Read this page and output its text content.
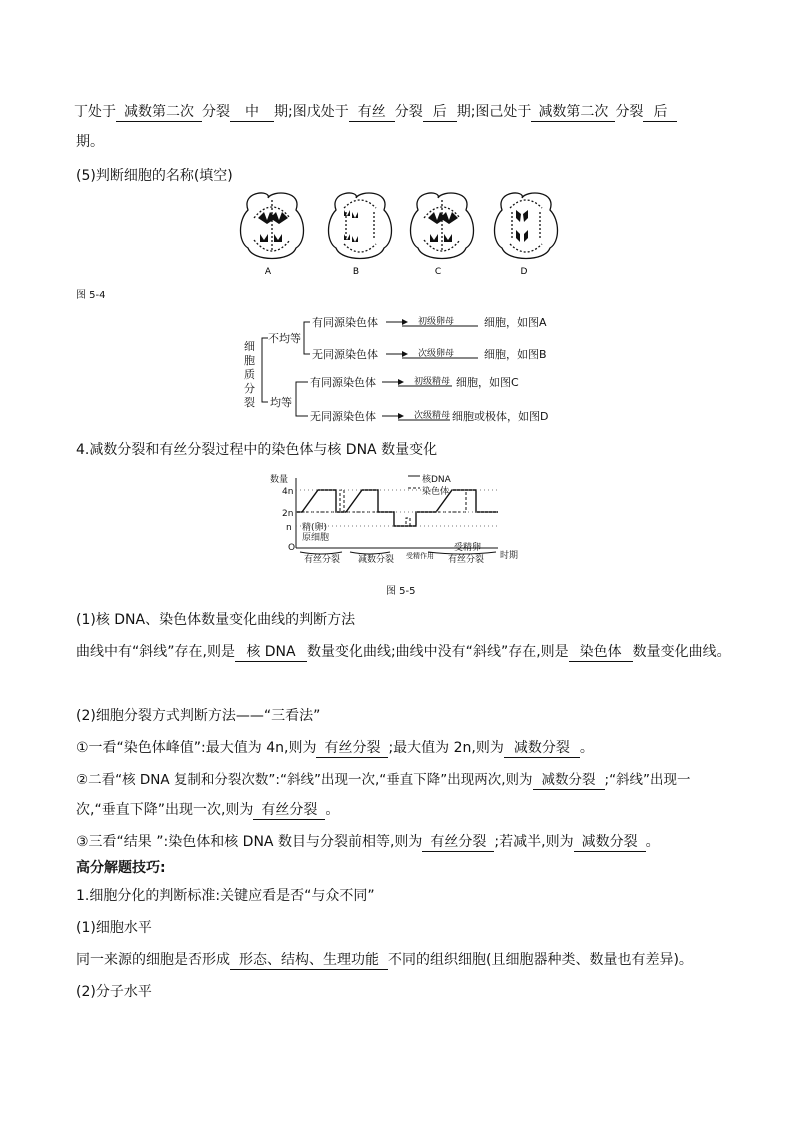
丁处于 减数第二次 分裂 中 期;图戊处于 有丝 分裂 后 期;图己处于 减数第二次 分裂 后
期。
(5)判断细胞的名称(填空)
A	B	C	D
图 5-4
细
胞
质
分
裂
不均等
均等
有同源染色体
无同源染色体
有同源染色体
无同源染色体
初级卵母
次级卵母
初级精母
次级精母
细胞，如图A
细胞，如图B
细胞，如图C
细胞或极体，如图D
4.减数分裂和有丝分裂过程中的染色体与核 DNA 数量变化
数量
4n
2n
n
O
核DNA
染色体
精(卵)
原细胞
有丝分裂 减数分裂 受精作用
受精卵
有丝分裂 时期
图 5-5
(1)核 DNA、染色体数量变化曲线的判断方法
曲线中有“斜线”存在,则是 核 DNA 数量变化曲线;曲线中没有“斜线”存在,则是 染色体 数量变化曲线。
(2)细胞分裂方式判断方法——“三看法”
①一看“染色体峰值”:最大值为 4n,则为 有丝分裂 ;最大值为 2n,则为 减数分裂 。
②二看“核 DNA 复制和分裂次数”:“斜线”出现一次,“垂直下降”出现两次,则为 减数分裂 ;“斜线”出现一
次,“垂直下降”出现一次,则为 有丝分裂 。
③三看“结果 ”:染色体和核 DNA 数目与分裂前相等,则为 有丝分裂 ;若减半,则为 减数分裂 。
高分解题技巧:
1.细胞分化的判断标准:关键应看是否“与众不同”
(1)细胞水平
同一来源的细胞是否形成 形态、结构、生理功能 不同的组织细胞(且细胞器种类、数量也有差异)。
(2)分子水平
